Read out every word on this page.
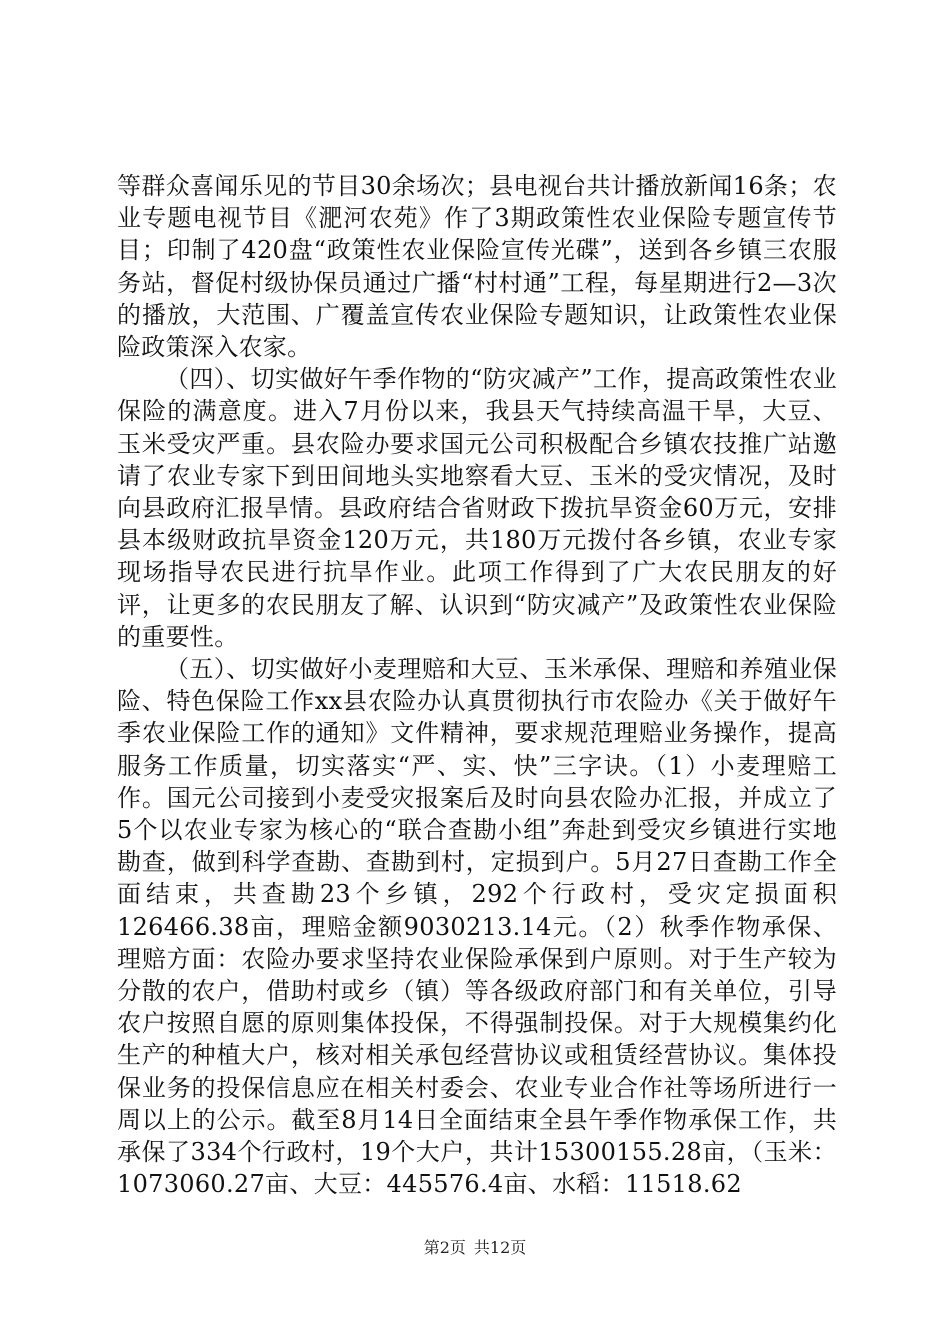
等群众喜闻乐见的节目30余场次；县电视台共计播放新闻16条；农业专题电视节目《淝河农苑》作了3期政策性农业保险专题宣传节目；印制了420盘“政策性农业保险宣传光碟”，送到各乡镇三农服务站，督促村级协保员通过广播“村村通”工程，每星期进行2—3次的播放，大范围、广覆盖宣传农业保险专题知识，让政策性农业保险政策深入农家。

（四）、切实做好午季作物的“防灾减产”工作，提高政策性农业保险的满意度。进入7月份以来，我县天气持续高温干旱，大豆、玉米受灾严重。县农险办要求国元公司积极配合乡镇农技推广站邀请了农业专家下到田间地头实地察看大豆、玉米的受灾情况，及时向县政府汇报旱情。县政府结合省财政下拨抗旱资金60万元，安排县本级财政抗旱资金120万元，共180万元拨付各乡镇，农业专家现场指导农民进行抗旱作业。此项工作得到了广大农民朋友的好评，让更多的农民朋友了解、认识到“防灾减产”及政策性农业保险的重要性。

（五）、切实做好小麦理赔和大豆、玉米承保、理赔和养殖业保险、特色保险工作xx县农险办认真贯彻执行市农险办《关于做好午季农业保险工作的通知》文件精神，要求规范理赔业务操作，提高服务工作质量，切实落实“严、实、快”三字诀。（1）小麦理赔工作。国元公司接到小麦受灾报案后及时向县农险办汇报，并成立了5个以农业专家为核心的“联合查勘小组”奔赴到受灾乡镇进行实地勘查，做到科学查勘、查勘到村，定损到户。5月27日查勘工作全面结束，共查勘23个乡镇，292个行政村，受灾定损面积126466.38亩，理赔金额9030213.14元。（2）秋季作物承保、理赔方面：农险办要求坚持农业保险承保到户原则。对于生产较为分散的农户，借助村或乡（镇）等各级政府部门和有关单位，引导农户按照自愿的原则集体投保，不得强制投保。对于大规模集约化生产的种植大户，核对相关承包经营协议或租赁经营协议。集体投保业务的投保信息应在相关村委会、农业专业合作社等场所进行一周以上的公示。截至8月14日全面结束全县午季作物承保工作，共承保了334个行政村，19个大户，共计15300155.28亩，（玉米：1073060.27亩、大豆：445576.4亩、水稻：11518.62

第2页 共12页
